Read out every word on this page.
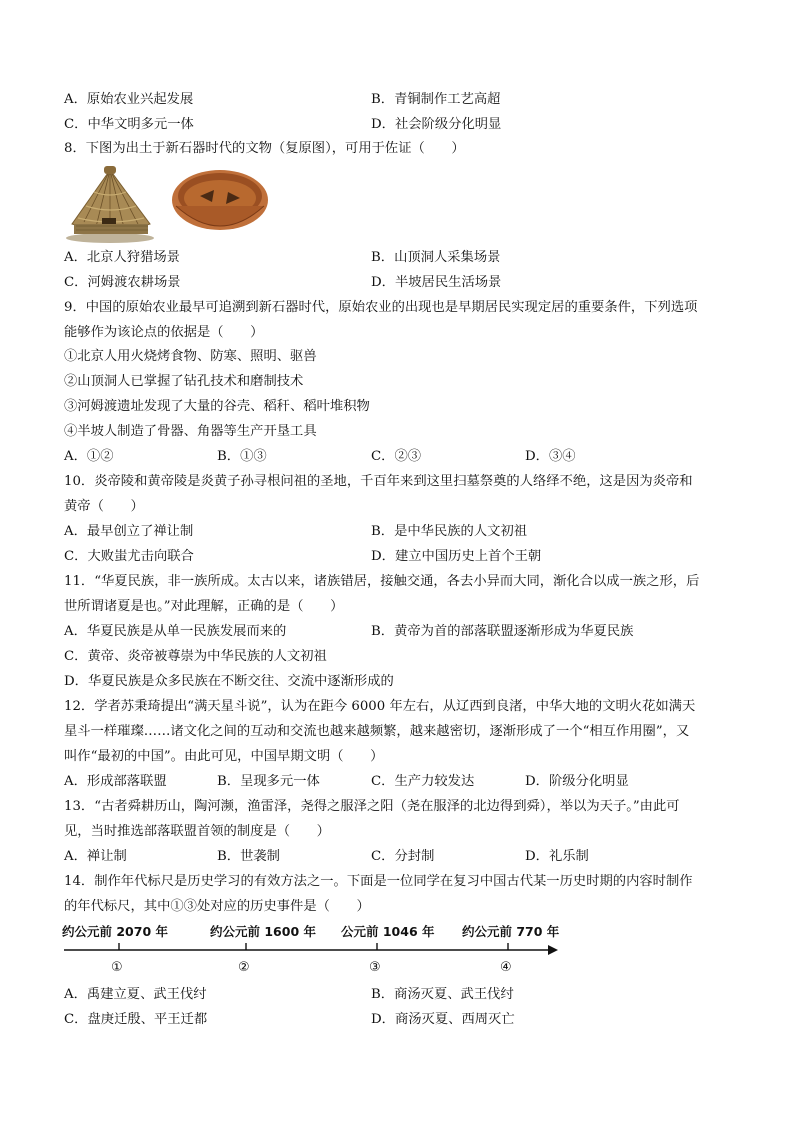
A．原始农业兴起发展	B．青铜制作工艺高超
C．中华文明多元一体	D．社会阶级分化明显
8．下图为出土于新石器时代的文物（复原图），可用于佐证（　　）
A．北京人狩猎场景	B．山顶洞人采集场景
C．河姆渡农耕场景	D．半坡居民生活场景
9．中国的原始农业最早可追溯到新石器时代，原始农业的出现也是早期居民实现定居的重要条件，下列选项
能够作为该论点的依据是（　　）
①北京人用火烧烤食物、防寒、照明、驱兽
②山顶洞人已掌握了钻孔技术和磨制技术
③河姆渡遗址发现了大量的谷壳、稻秆、稻叶堆积物
④半坡人制造了骨器、角器等生产开垦工具
A．①②	B．①③	C．②③	D．③④
10．炎帝陵和黄帝陵是炎黄子孙寻根问祖的圣地，千百年来到这里扫墓祭奠的人络绎不绝，这是因为炎帝和
黄帝（　　）
A．最早创立了禅让制	B．是中华民族的人文初祖
C．大败蚩尤击向联合	D．建立中国历史上首个王朝
11．“华夏民族，非一族所成。太古以来，诸族错居，接触交通，各去小异而大同，渐化合以成一族之形，后
世所谓诸夏是也。”对此理解，正确的是（　　）
A．华夏民族是从单一民族发展而来的	B．黄帝为首的部落联盟逐渐形成为华夏民族
C．黄帝、炎帝被尊崇为中华民族的人文初祖
D．华夏民族是众多民族在不断交往、交流中逐渐形成的
12．学者苏秉琦提出“满天星斗说”，认为在距今 6000 年左右，从辽西到良渚，中华大地的文明火花如满天
星斗一样璀璨……诸文化之间的互动和交流也越来越频繁，越来越密切，逐渐形成了一个“相互作用圈”，又
叫作“最初的中国”。由此可见，中国早期文明（　　）
A．形成部落联盟	B．呈现多元一体	C．生产力较发达	D．阶级分化明显
13．“古者舜耕历山，陶河濒，渔雷泽，尧得之服泽之阳（尧在服泽的北边得到舜），举以为天子。”由此可
见，当时推选部落联盟首领的制度是（　　）
A．禅让制	B．世袭制	C．分封制	D．礼乐制
14．制作年代标尺是历史学习的有效方法之一。下面是一位同学在复习中国古代某一历史时期的内容时制作
的年代标尺，其中①③处对应的历史事件是（　　）
约公元前 2070 年	约公元前 1600 年 公元前 1046 年 约公元前 770 年
①	②	③	④
A．禹建立夏、武王伐纣	B．商汤灭夏、武王伐纣
C．盘庚迁殷、平王迁都	D．商汤灭夏、西周灭亡
